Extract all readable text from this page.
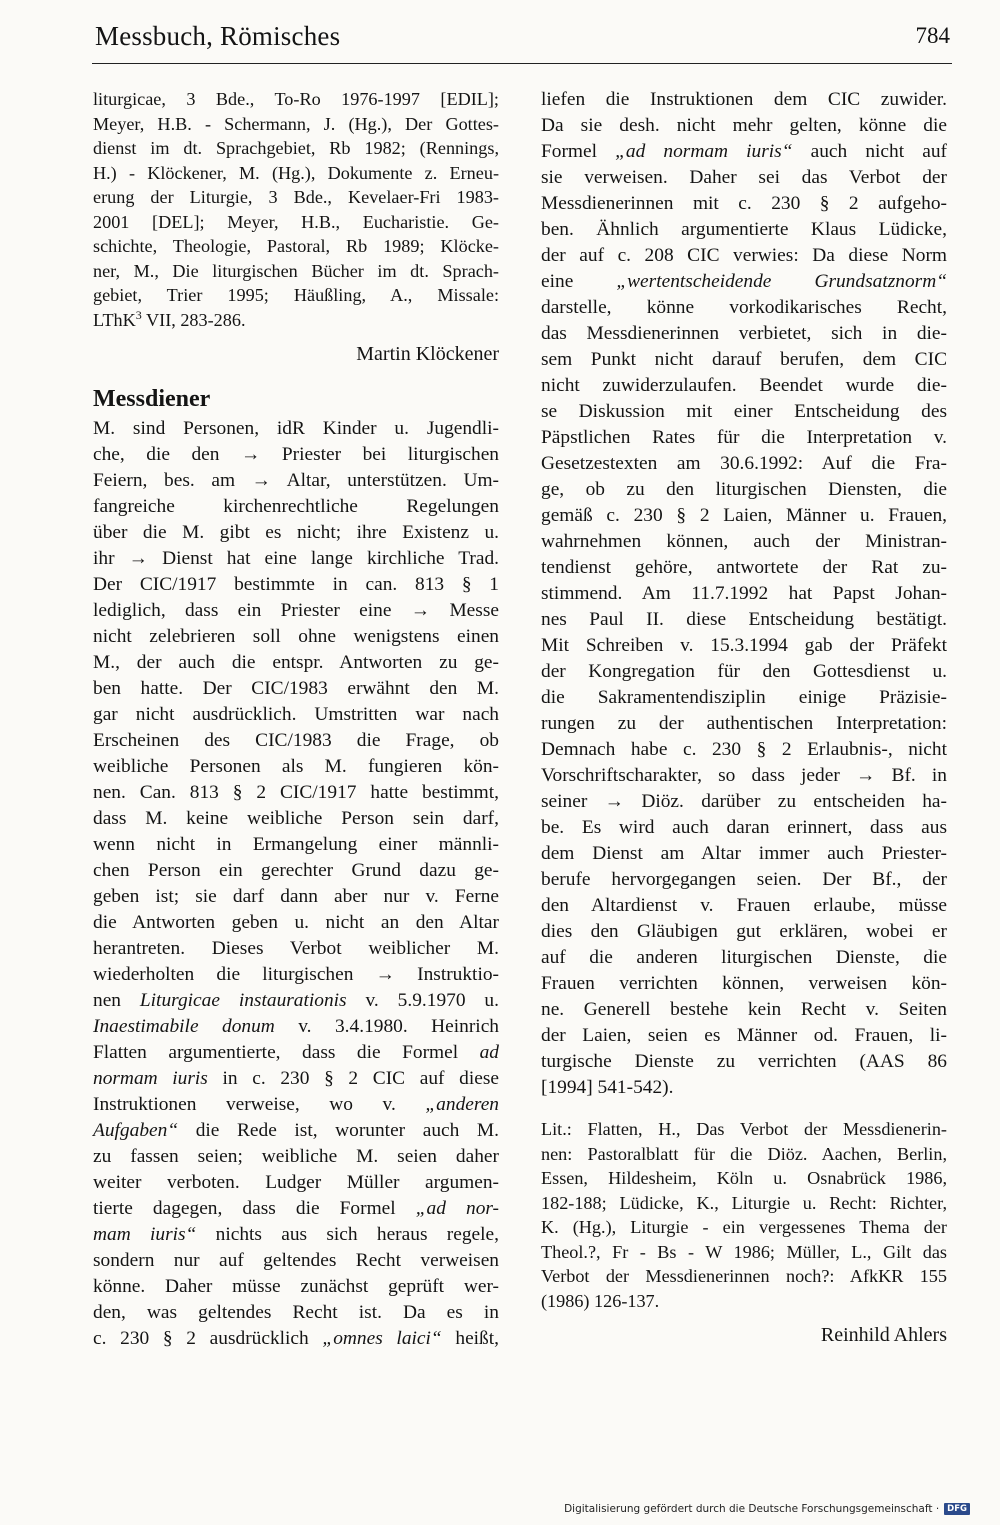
Messbuch, Römisches	784
liturgicae, 3 Bde., To-Ro 1976-1997 [EDIL];
Meyer, H.B. - Schermann, J. (Hg.), Der Gottes-
dienst im dt. Sprachgebiet, Rb 1982; (Rennings,
H.) - Klöckener, M. (Hg.), Dokumente z. Erneu-
erung der Liturgie, 3 Bde., Kevelaer-Fri 1983-
2001 [DEL]; Meyer, H.B., Eucharistie. Ge-
schichte, Theologie, Pastoral, Rb 1989; Klöcke-
ner, M., Die liturgischen Bücher im dt. Sprach-
gebiet, Trier 1995; Häußling, A., Missale:
LThK$^3$ VII, 283-286.
Martin Klöckener
Messdiener
M. sind Personen, idR Kinder u. Jugendli-
che, die den → Priester bei liturgischen
Feiern, bes. am → Altar, unterstützen. Um-
fangreiche kirchenrechtliche Regelungen
über die M. gibt es nicht; ihre Existenz u.
ihr → Dienst hat eine lange kirchliche Trad.
Der CIC/1917 bestimmte in can. 813 § 1
lediglich, dass ein Priester eine → Messe
nicht zelebrieren soll ohne wenigstens einen
M., der auch die entspr. Antworten zu ge-
ben hatte. Der CIC/1983 erwähnt den M.
gar nicht ausdrücklich. Umstritten war nach
Erscheinen des CIC/1983 die Frage, ob
weibliche Personen als M. fungieren kön-
nen. Can. 813 § 2 CIC/1917 hatte bestimmt,
dass M. keine weibliche Person sein darf,
wenn nicht in Ermangelung einer männli-
chen Person ein gerechter Grund dazu ge-
geben ist; sie darf dann aber nur v. Ferne
die Antworten geben u. nicht an den Altar
herantreten. Dieses Verbot weiblicher M.
wiederholten die liturgischen → Instruktio-
nen Liturgicae instaurationis v. 5.9.1970 u.
Inaestimabile donum v. 3.4.1980. Heinrich
Flatten argumentierte, dass die Formel ad
normam iuris in c. 230 § 2 CIC auf diese
Instruktionen verweise, wo v. „anderen
Aufgaben“ die Rede ist, worunter auch M.
zu fassen seien; weibliche M. seien daher
weiter verboten. Ludger Müller argumen-
tierte dagegen, dass die Formel „ad nor-
mam iuris“ nichts aus sich heraus regele,
sondern nur auf geltendes Recht verweisen
könne. Daher müsse zunächst geprüft wer-
den, was geltendes Recht ist. Da es in
c. 230 § 2 ausdrücklich „omnes laici“ heißt,
liefen die Instruktionen dem CIC zuwider.
Da sie desh. nicht mehr gelten, könne die
Formel „ad normam iuris“ auch nicht auf
sie verweisen. Daher sei das Verbot der
Messdienerinnen mit c. 230 § 2 aufgeho-
ben. Ähnlich argumentierte Klaus Lüdicke,
der auf c. 208 CIC verwies: Da diese Norm
eine „wertentscheidende Grundsatznorm“
darstelle, könne vorkodikarisches Recht,
das Messdienerinnen verbietet, sich in die-
sem Punkt nicht darauf berufen, dem CIC
nicht zuwiderzulaufen. Beendet wurde die-
se Diskussion mit einer Entscheidung des
Päpstlichen Rates für die Interpretation v.
Gesetzestexten am 30.6.1992: Auf die Fra-
ge, ob zu den liturgischen Diensten, die
gemäß c. 230 § 2 Laien, Männer u. Frauen,
wahrnehmen können, auch der Ministran-
tendienst gehöre, antwortete der Rat zu-
stimmend. Am 11.7.1992 hat Papst Johan-
nes Paul II. diese Entscheidung bestätigt.
Mit Schreiben v. 15.3.1994 gab der Präfekt
der Kongregation für den Gottesdienst u.
die Sakramentendisziplin einige Präzisie-
rungen zu der authentischen Interpretation:
Demnach habe c. 230 § 2 Erlaubnis-, nicht
Vorschriftscharakter, so dass jeder → Bf. in
seiner → Diöz. darüber zu entscheiden ha-
be. Es wird auch daran erinnert, dass aus
dem Dienst am Altar immer auch Priester-
berufe hervorgegangen seien. Der Bf., der
den Altardienst v. Frauen erlaube, müsse
dies den Gläubigen gut erklären, wobei er
auf die anderen liturgischen Dienste, die
Frauen verrichten können, verweisen kön-
ne. Generell bestehe kein Recht v. Seiten
der Laien, seien es Männer od. Frauen, li-
turgische Dienste zu verrichten (AAS 86
[1994] 541-542).
Lit.: Flatten, H., Das Verbot der Messdienerin-
nen: Pastoralblatt für die Diöz. Aachen, Berlin,
Essen, Hildesheim, Köln u. Osnabrück 1986,
182-188; Lüdicke, K., Liturgie u. Recht: Richter,
K. (Hg.), Liturgie - ein vergessenes Thema der
Theol.?, Fr - Bs - W 1986; Müller, L., Gilt das
Verbot der Messdienerinnen noch?: AfkKR 155
(1986) 126-137.
Reinhild Ahlers
Digitalisierung gefördert durch die Deutsche Forschungsgemeinschaft · DFG
